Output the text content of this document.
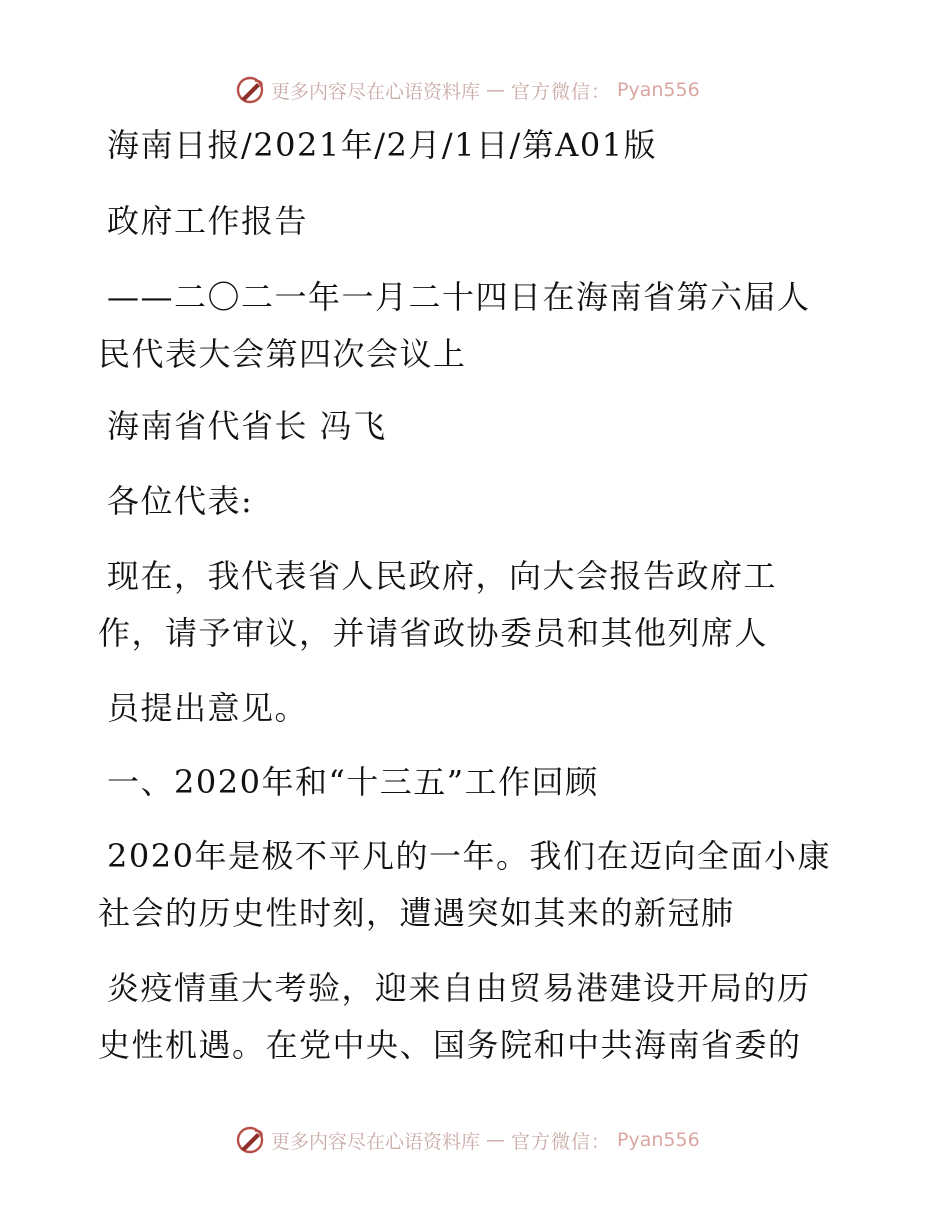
更多内容尽在心语资料库 — 官方微信： Pyan556

海南日报/2021年/2月/1日/第A01版

政府工作报告

——二〇二一年一月二十四日在海南省第六届人

民代表大会第四次会议上

海南省代省长 冯飞

各位代表:

现在，我代表省人民政府，向大会报告政府工

作，请予审议，并请省政协委员和其他列席人

员提出意见。

一、2020年和“十三五”工作回顾

2020年是极不平凡的一年。我们在迈向全面小康

社会的历史性时刻，遭遇突如其来的新冠肺

炎疫情重大考验，迎来自由贸易港建设开局的历

史性机遇。在党中央、国务院和中共海南省委的

更多内容尽在心语资料库 — 官方微信： Pyan556
